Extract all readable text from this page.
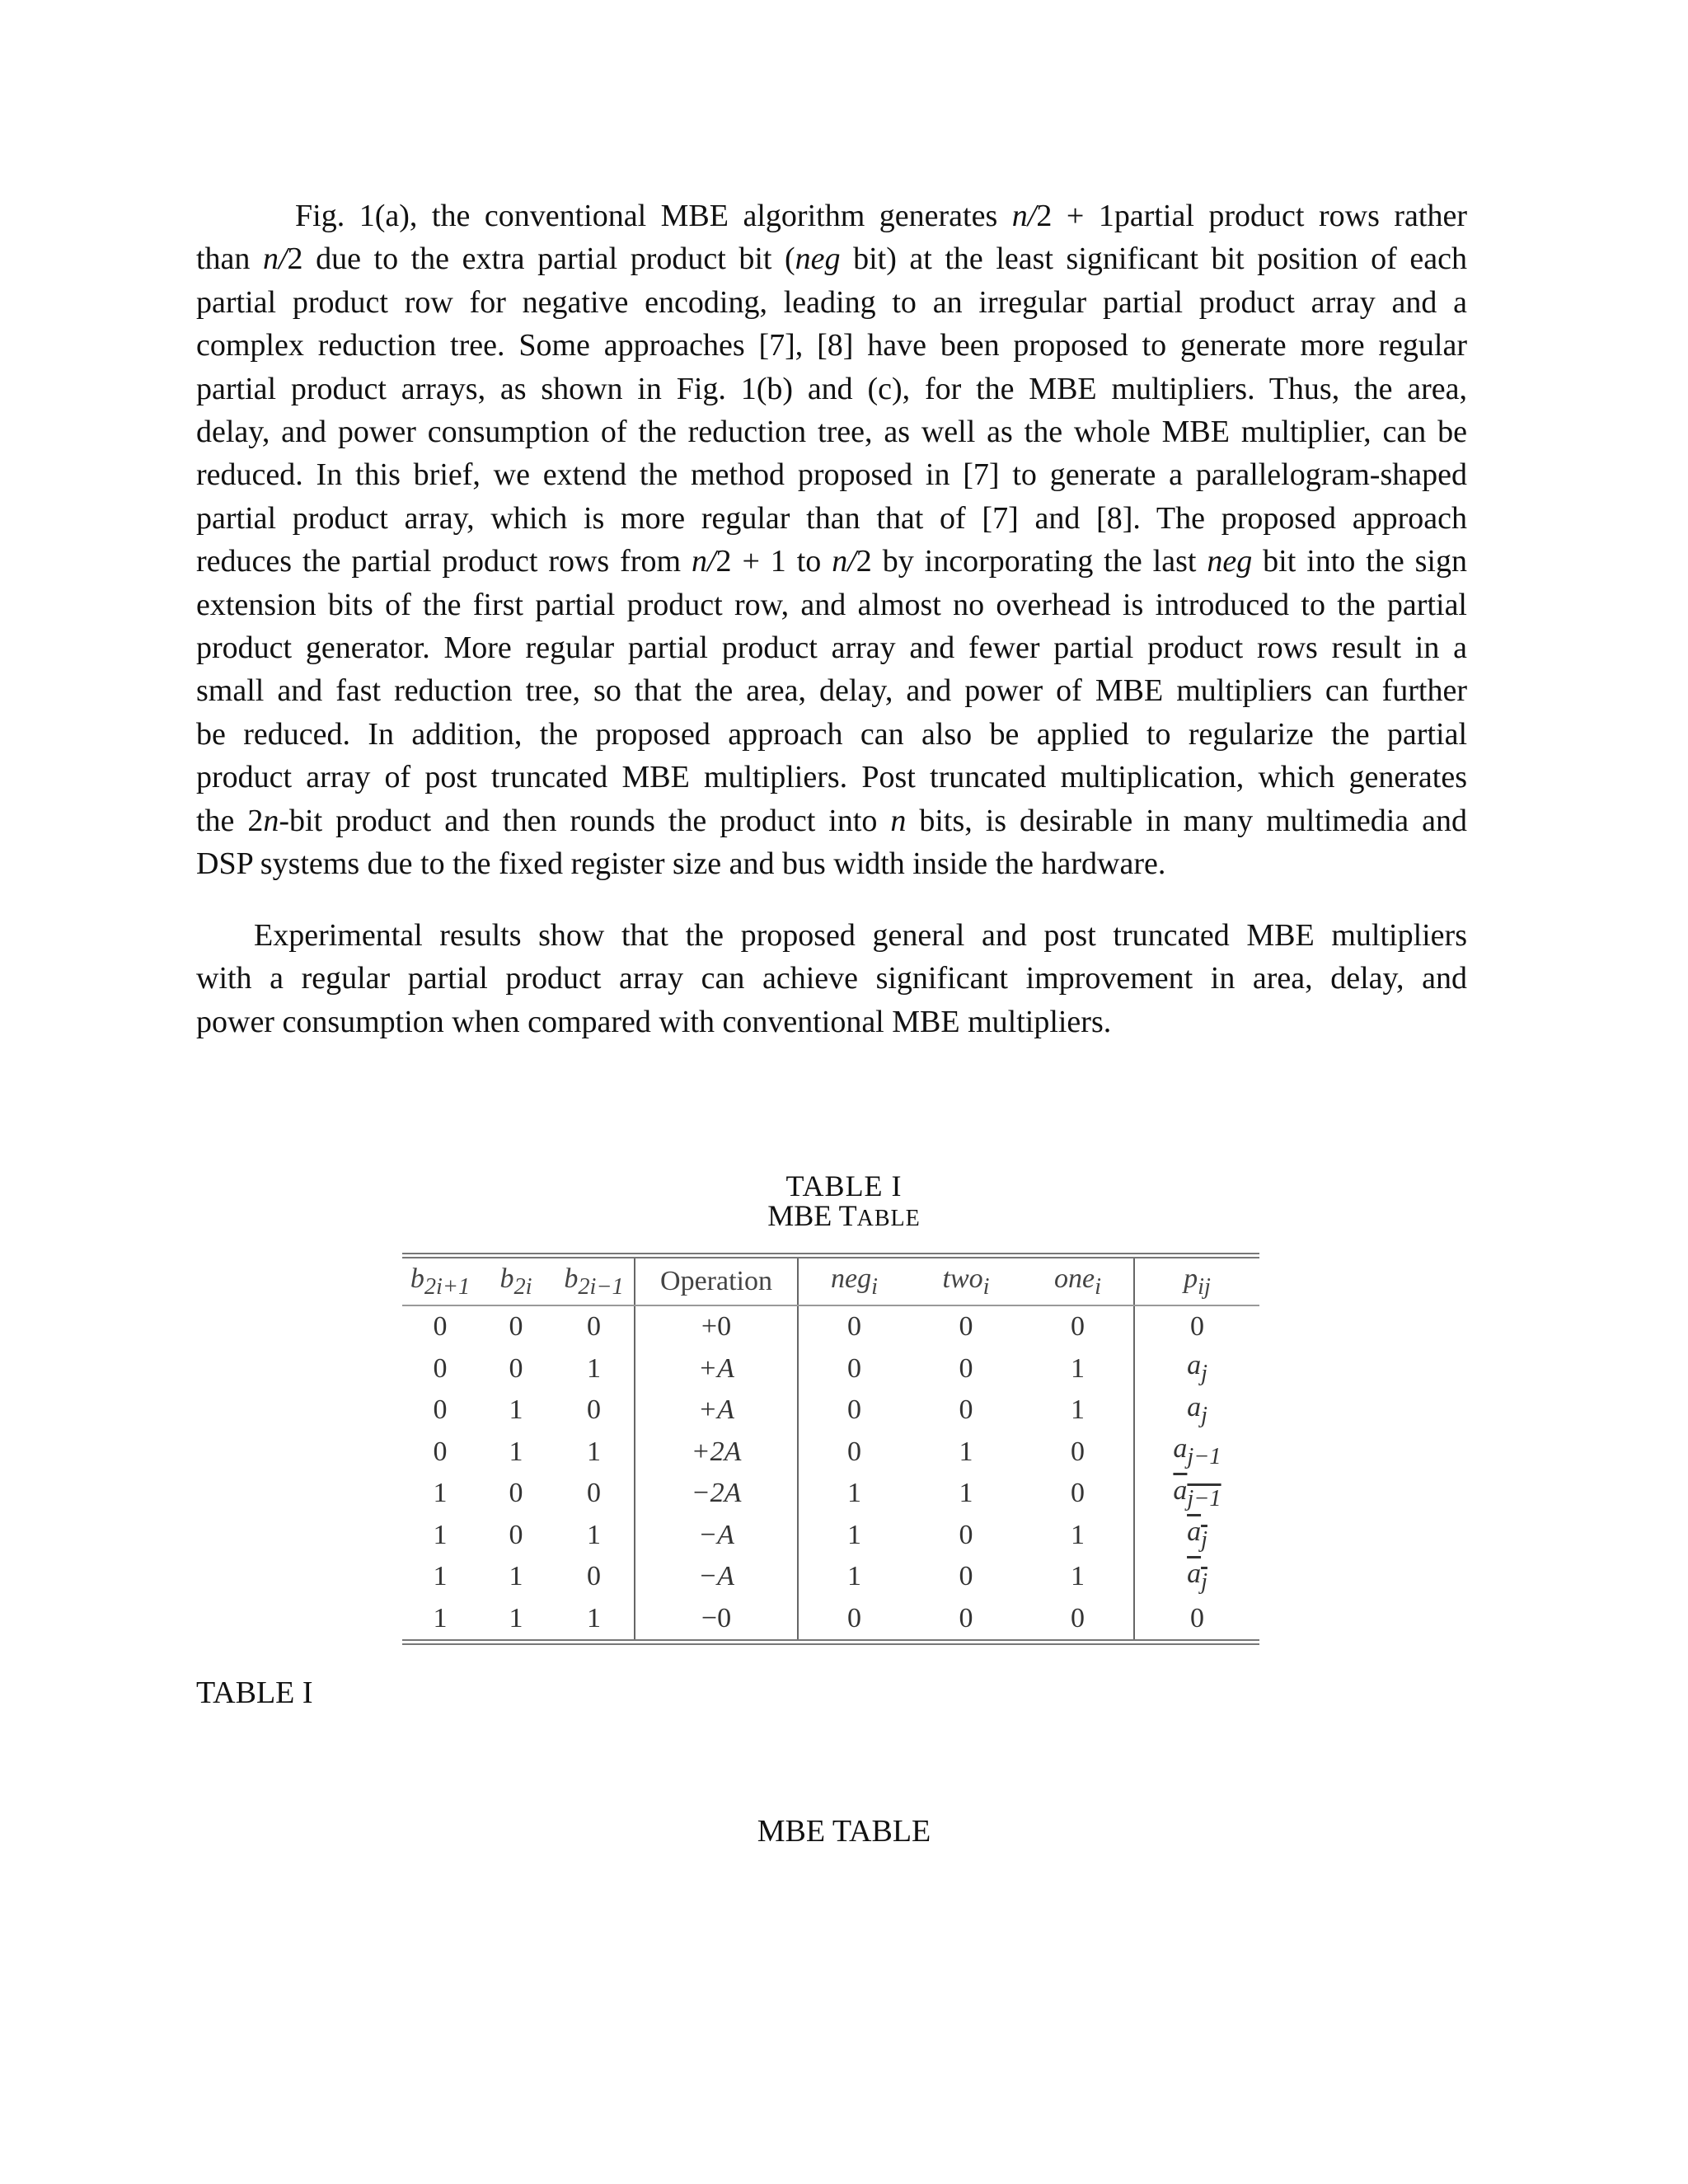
Fig. 1(a), the conventional MBE algorithm generates n/2 + 1partial product rows rather
than n/2 due to the extra partial product bit (neg bit) at the least significant bit position of each
partial product row for negative encoding, leading to an irregular partial product array and a
complex reduction tree. Some approaches [7], [8] have been proposed to generate more regular
partial product arrays, as shown in Fig. 1(b) and (c), for the MBE multipliers. Thus, the area,
delay, and power consumption of the reduction tree, as well as the whole MBE multiplier, can be
reduced. In this brief, we extend the method proposed in [7] to generate a parallelogram-shaped
partial product array, which is more regular than that of [7] and [8]. The proposed approach
reduces the partial product rows from n/2 + 1 to n/2 by incorporating the last neg bit into the sign
extension bits of the first partial product row, and almost no overhead is introduced to the partial
product generator. More regular partial product array and fewer partial product rows result in a
small and fast reduction tree, so that the area, delay, and power of MBE multipliers can further
be reduced. In addition, the proposed approach can also be applied to regularize the partial
product array of post truncated MBE multipliers. Post truncated multiplication, which generates
the 2n-bit product and then rounds the product into n bits, is desirable in many multimedia and
DSP systems due to the fixed register size and bus width inside the hardware.
Experimental results show that the proposed general and post truncated MBE multipliers
with a regular partial product array can achieve significant improvement in area, delay, and
power consumption when compared with conventional MBE multipliers.
TABLE I
MBE TABLE
$b_{2i+1}$	$b_{2i}$	$b_{2i-1}$	Operation	neg$_i$	two$_i$	one$_i$	$p_{ij}$
0	0	0	+0	0	0	0	0
0	0	1	+A	0	0	1	$a_j$
0	1	0	+A	0	0	1	$a_j$
0	1	1	+2A	0	1	0	$a_{j-1}$
1	0	0	−2A	1	1	0	$a_{j-1}$
1	0	1	−A	1	0	1	$a_j$
1	1	0	−A	1	0	1	$a_j$
1	1	1	−0	0	0	0	0
TABLE I
MBE TABLE
